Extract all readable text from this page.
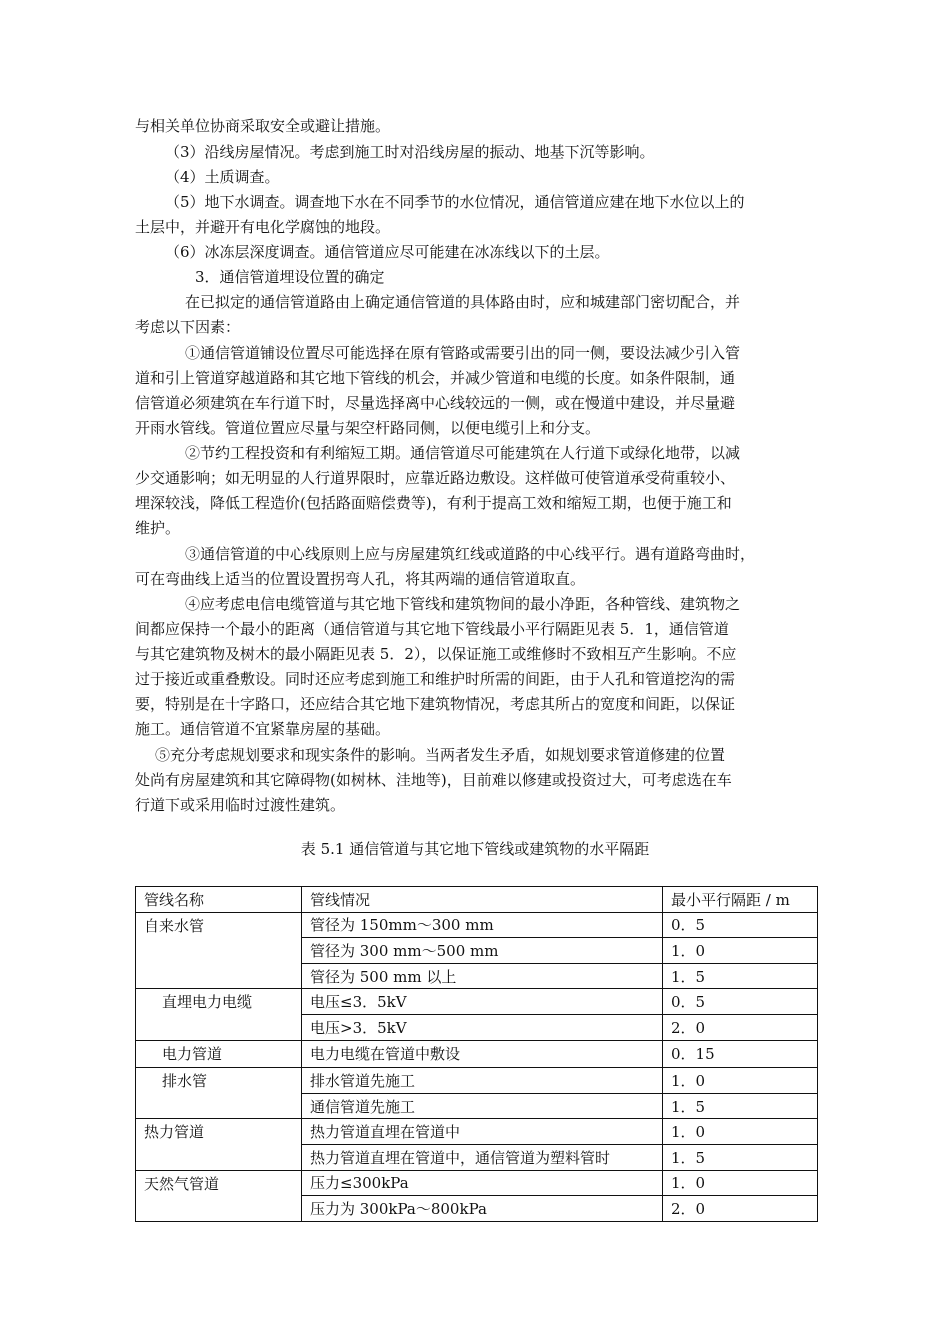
与相关单位协商采取安全或避让措施。
（3）沿线房屋情况。考虑到施工时对沿线房屋的振动、地基下沉等影响。
（4）土质调查。
（5）地下水调查。调查地下水在不同季节的水位情况，通信管道应建在地下水位以上的
土层中，并避开有电化学腐蚀的地段。
（6）冰冻层深度调查。通信管道应尽可能建在冰冻线以下的土层。
3．通信管道埋设位置的确定
在已拟定的通信管道路由上确定通信管道的具体路由时，应和城建部门密切配合，并
考虑以下因素：
①通信管道铺设位置尽可能选择在原有管路或需要引出的同一侧，要设法减少引入管
道和引上管道穿越道路和其它地下管线的机会，并减少管道和电缆的长度。如条件限制，通
信管道必须建筑在车行道下时，尽量选择离中心线较远的一侧，或在慢道中建设，并尽量避
开雨水管线。管道位置应尽量与架空杆路同侧，以便电缆引上和分支。
②节约工程投资和有利缩短工期。通信管道尽可能建筑在人行道下或绿化地带，以减
少交通影响；如无明显的人行道界限时，应靠近路边敷设。这样做可使管道承受荷重较小、
埋深较浅，降低工程造价(包括路面赔偿费等)，有利于提高工效和缩短工期，也便于施工和
维护。
③通信管道的中心线原则上应与房屋建筑红线或道路的中心线平行。遇有道路弯曲时，
可在弯曲线上适当的位置设置拐弯人孔，将其两端的通信管道取直。
④应考虑电信电缆管道与其它地下管线和建筑物间的最小净距，各种管线、建筑物之
间都应保持一个最小的距离（通信管道与其它地下管线最小平行隔距见表 5．1，通信管道
与其它建筑物及树木的最小隔距见表 5．2），以保证施工或维修时不致相互产生影响。不应
过于接近或重叠敷设。同时还应考虑到施工和维护时所需的间距，由于人孔和管道挖沟的需
要，特别是在十字路口，还应结合其它地下建筑物情况，考虑其所占的宽度和间距，以保证
施工。通信管道不宜紧靠房屋的基础。
⑤充分考虑规划要求和现实条件的影响。当两者发生矛盾，如规划要求管道修建的位置
处尚有房屋建筑和其它障碍物(如树林、洼地等)，目前难以修建或投资过大，可考虑选在车
行道下或采用临时过渡性建筑。
表 5.1 通信管道与其它地下管线或建筑物的水平隔距
管线名称	管线情况	最小平行隔距 / m
自来水管	管径为 150mm～300 mm	0．5
	管径为 300 mm～500 mm	1．0
	管径为 500 mm 以上	1．5
直埋电力电缆	电压≤3．5kV	0．5
	电压>3．5kV	2．0
电力管道	电力电缆在管道中敷设	0．15
排水管	排水管道先施工	1．0
	通信管道先施工	1．5
热力管道	热力管道直埋在管道中	1．0
	热力管道直埋在管道中，通信管道为塑料管时	1．5
天然气管道	压力≤300kPa	1．0
	压力为 300kPa～800kPa	2．0
